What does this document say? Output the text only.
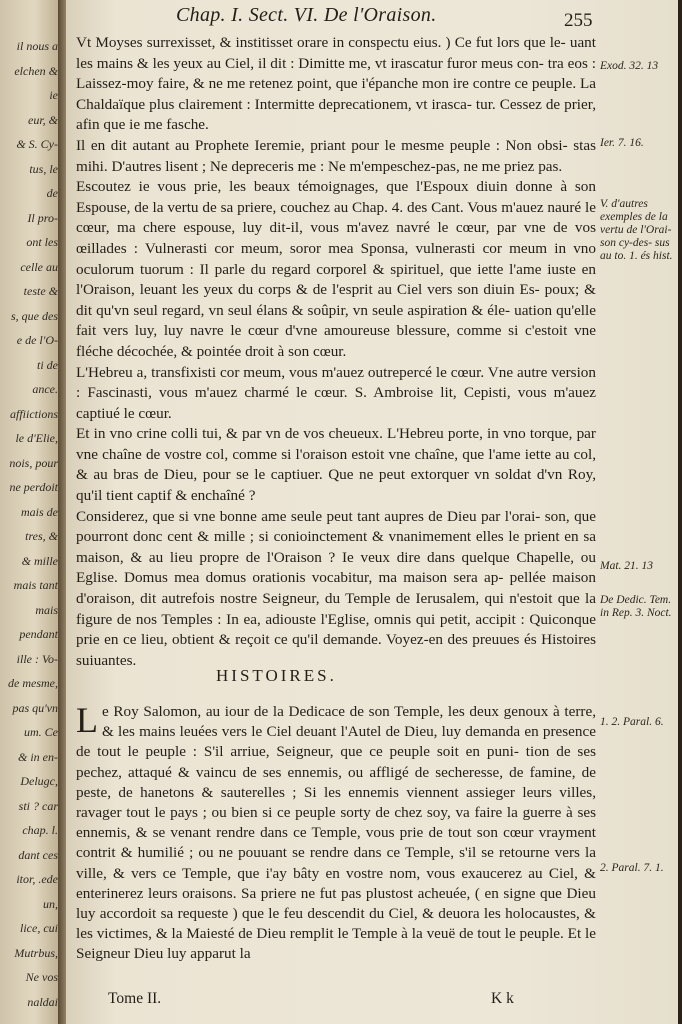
il nous a
elchen &
ie
eur, &
& S. Cy-
tus, le
de
Il pro-
ont les
celle au
teste &
s, que des
e de l'O-
ti de
ance.
affiictions
le d'Elie,
nois, pour
ne perdoit
mais de
tres, &
& mille
mais tant
mais
pendant
ille : Vo-
de mesme,
pas qu'vn
um. Ce
& in en-
Delugc,
sti ? car
chap. l.
dant ces
itor, .ede
un,
lice, cui
Mutrbus,
Ne vos
naldai
Chap. I. Sect. VI. De l'Oraison.	255

Vt Moyses surrexisset, & institisset orare in conspectu eius. ) Ce fut lors que le- uant les mains & les yeux au Ciel, il dit : Dimitte me, vt irascatur furor meus con- tra eos : Laissez-moy faire, & ne me retenez point, que i'épanche mon ire contre ce peuple. La Chaldaïque plus clairement : Intermitte deprecationem, vt irasca- tur. Cessez de prier, afin que ie me fasche.

Il en dit autant au Prophete Ieremie, priant pour le mesme peuple : Non obsi- stas mihi. D'autres lisent ; Ne depreceris me : Ne m'empeschez-pas, ne me priez pas.

Escoutez ie vous prie, les beaux témoignages, que l'Espoux diuin donne à son Espouse, de la vertu de sa priere, couchez au Chap. 4. des Cant. Vous m'auez nauré le cœur, ma chere espouse, luy dit-il, vous m'avez navré le cœur, par vne de vos œillades : Vulnerasti cor meum, soror mea Sponsa, vulnerasti cor meum in vno oculorum tuorum : Il parle du regard corporel & spirituel, que iette l'ame iuste en l'Oraison, leuant les yeux du corps & de l'esprit au Ciel vers son diuin Es- poux; & dit qu'vn seul regard, vn seul élans & soûpir, vn seule aspiration & éle- uation qu'elle fait vers luy, luy navre le cœur d'vne amoureuse blessure, comme si c'estoit vne fléche décochée, & pointée droit à son cœur.

L'Hebreu a, transfixisti cor meum, vous m'auez outrepercé le cœur. Vne autre version : Fascinasti, vous m'auez charmé le cœur. S. Ambroise lit, Cepisti, vous m'auez captiué le cœur.

Et in vno crine colli tui, & par vn de vos cheueux. L'Hebreu porte, in vno torque, par vne chaîne de vostre col, comme si l'oraison estoit vne chaîne, que l'ame iette au col, & au bras de Dieu, pour se le captiuer. Que ne peut extorquer vn soldat d'vn Roy, qu'il tient captif & enchaîné ?

Considerez, que si vne bonne ame seule peut tant aupres de Dieu par l'orai- son, que pourront donc cent & mille ; si conioinctement & vnanimement elles le prient en sa maison, & au lieu propre de l'Oraison ? Ie veux dire dans quelque Chapelle, ou Eglise. Domus mea domus orationis vocabitur, ma maison sera ap- pellée maison d'oraison, dit autrefois nostre Seigneur, du Temple de Ierusalem, qui n'estoit que la figure de nos Temples : In ea, adiouste l'Eglise, omnis qui petit, accipit : Quiconque prie en ce lieu, obtient & reçoit ce qu'il demande. Voyez-en des preuues és Histoires suiuantes.

Exod. 32. 13
Ier. 7. 16.
V. d'autres exemples de la vertu de l'Orai- son cy-des- sus au to. 1. és hist.
Mat. 21. 13
De Dedic. Tem. in Rep. 3. Noct.
HISTOIRES.

Le Roy Salomon, au iour de la Dedicace de son Temple, les deux genoux à terre, & les mains leuées vers le Ciel deuant l'Autel de Dieu, luy demanda en presence de tout le peuple : S'il arriue, Seigneur, que ce peuple soit en puni- tion de ses pechez, attaqué & vaincu de ses ennemis, ou affligé de secheresse, de famine, de peste, de hanetons & sauterelles ; Si les ennemis viennent assieger leurs villes, ravager tout le pays ; ou bien si ce peuple sorty de chez soy, va faire la guerre à ses ennemis, & se venant rendre dans ce Temple, vous prie de tout son cœur vrayment contrit & humilié ; ou ne pouuant se rendre dans ce Temple, s'il se retourne vers la ville, & vers ce Temple, que i'ay bâty en vostre nom, vous exaucerez au Ciel, & enterinerez leurs oraisons. Sa priere ne fut pas plustost acheuée, ( en signe que Dieu luy accordoit sa requeste ) que le feu descendit du Ciel, & deuora les holocaustes, & les victimes, & la Maiesté de Dieu remplit le Temple à la veuë de tout le peuple. Et le Seigneur Dieu luy apparut la

1. 2. Paral. 6.
2. Paral. 7. 1.
Tome II.	K k
